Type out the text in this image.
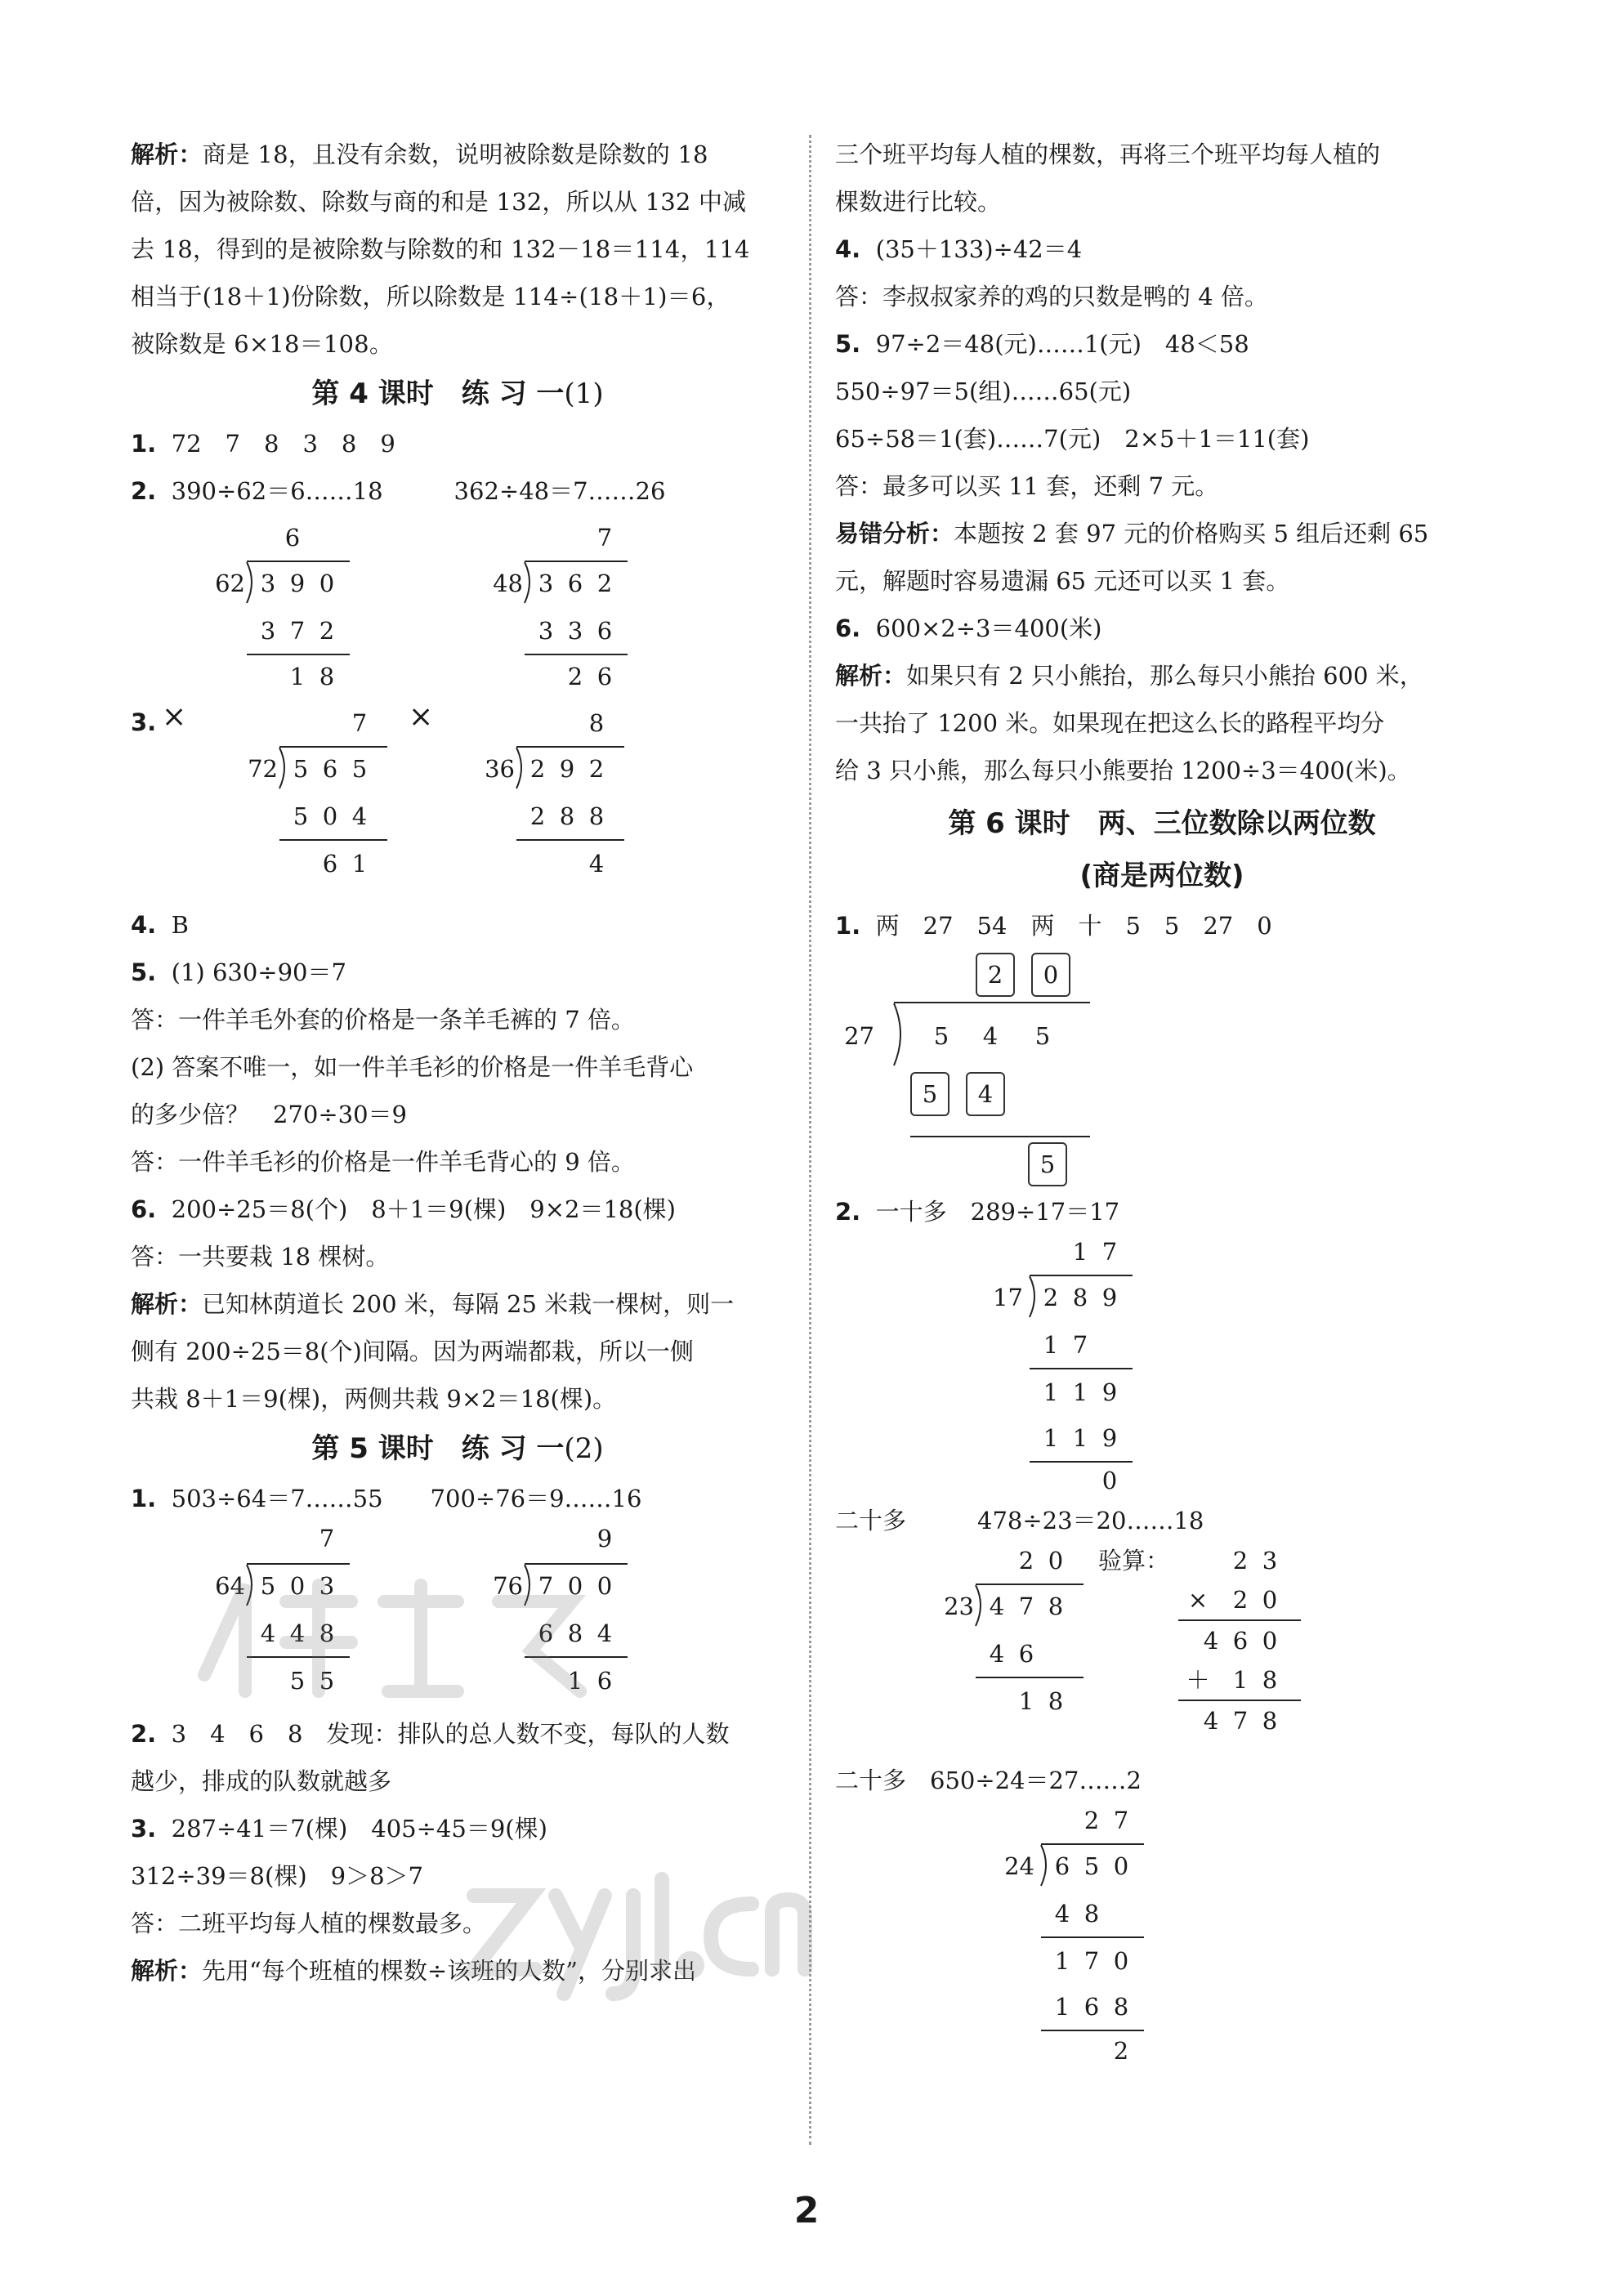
解析：商是 18，且没有余数，说明被除数是除数的 18
倍，因为被除数、除数与商的和是 132，所以从 132 中减
去 18，得到的是被除数与除数的和 132－18＝114，114
相当于(18＋1)份除数，所以除数是 114÷(18＋1)＝6，
被除数是 6×18＝108。
第 4 课时　练 习 一(1)
1. 72　7　8　3　8　9
2. 390÷62＝6……18　　　362÷48＝7……26
6
62 3 9 0
3 7 2
1 8
7
48 3 6 2
3 3 6
2 6
3. ×	×
7
72 5 6 5
5 0 4
6 1
8
36 2 9 2
2 8 8
4
4. B
5. (1) 630÷90＝7
答：一件羊毛外套的价格是一条羊毛裤的 7 倍。
(2) 答案不唯一，如一件羊毛衫的价格是一件羊毛背心
的多少倍？　270÷30＝9
答：一件羊毛衫的价格是一件羊毛背心的 9 倍。
6. 200÷25＝8(个)　8＋1＝9(棵)　9×2＝18(棵)
答：一共要栽 18 棵树。
解析：已知林荫道长 200 米，每隔 25 米栽一棵树，则一
侧有 200÷25＝8(个)间隔。因为两端都栽，所以一侧
共栽 8＋1＝9(棵)，两侧共栽 9×2＝18(棵)。
第 5 课时　练 习 一(2)
1. 503÷64＝7……55　　700÷76＝9……16
7
64 5 0 3
4 4 8
5 5
9
76 7 0 0
6 8 4
1 6
2. 3　4　6　8　发现：排队的总人数不变，每队的人数
越少，排成的队数就越多
3. 287÷41＝7(棵)　405÷45＝9(棵)
312÷39＝8(棵)　9＞8＞7
答：二班平均每人植的棵数最多。
解析：先用“每个班植的棵数÷该班的人数”，分别求出
三个班平均每人植的棵数，再将三个班平均每人植的
棵数进行比较。
4. (35＋133)÷42＝4
答：李叔叔家养的鸡的只数是鸭的 4 倍。
5. 97÷2＝48(元)……1(元)　48＜58
550÷97＝5(组)……65(元)
65÷58＝1(套)……7(元)　2×5＋1＝11(套)
答：最多可以买 11 套，还剩 7 元。
易错分析：本题按 2 套 97 元的价格购买 5 组后还剩 65
元，解题时容易遗漏 65 元还可以买 1 套。
6. 600×2÷3＝400(米)
解析：如果只有 2 只小熊抬，那么每只小熊抬 600 米，
一共抬了 1200 米。如果现在把这么长的路程平均分
给 3 只小熊，那么每只小熊要抬 1200÷3＝400(米)。
第 6 课时　两、三位数除以两位数
(商是两位数)
1. 两　27　54　两　十　5　5　27　0
2	0
27	5	4	5
5	4
5
2. 一十多　289÷17＝17
1 7
17 2 8 9
1 7
1 1 9
1 1 9
0
二十多　　　478÷23＝20……18
2 0
23 4 7 8
4 6
1 8
验算：	2 3
×	2 0
4 6 0
＋ 1 8
4 7 8
二十多　650÷24＝27……2
2 7
24 6 5 0
4 8
1 7 0
1 6 8
2
2
